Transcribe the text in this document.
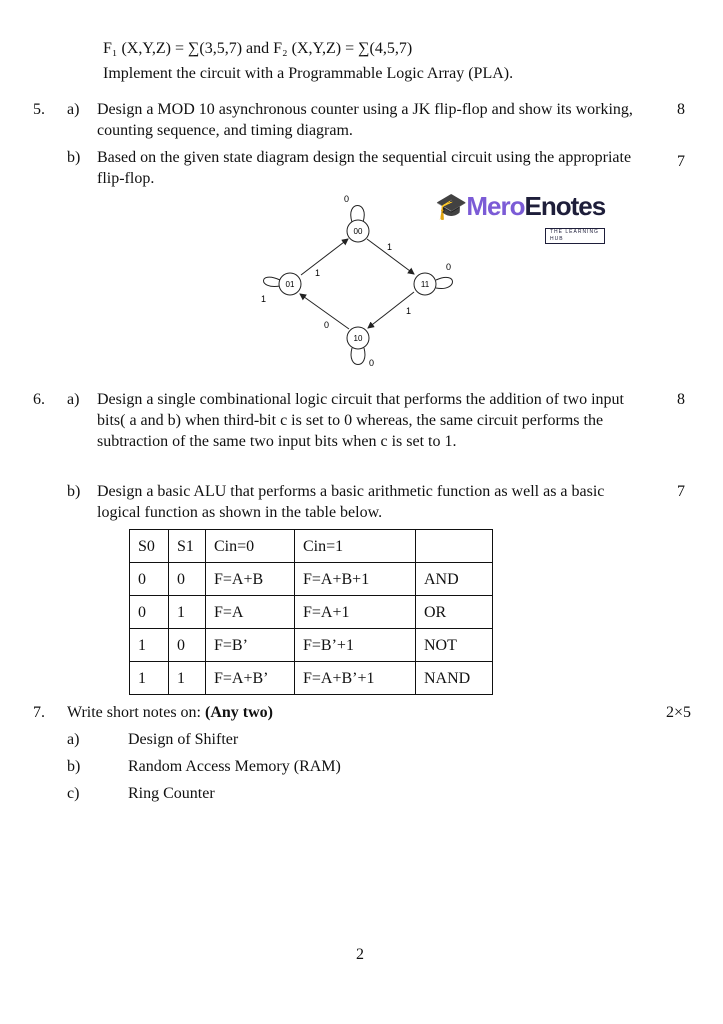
F₁ (X,Y,Z) = ∑(3,5,7) and F₂ (X,Y,Z) = ∑(4,5,7)
Implement the circuit with a Programmable Logic Array (PLA).
5.	a) Design a MOD 10 asynchronous counter using a JK flip-flop and show its working, counting sequence, and timing diagram.
8
b) Based on the given state diagram design the sequential circuit using the appropriate flip-flop.
7
00
01
10
11
0
1
1
1
0
0
1
0
🎓MeroEnotes
THE LEARNING HUB
6.	a) Design a single combinational logic circuit that performs the addition of two input bits( a and b) when third-bit c is set to 0 whereas, the same circuit performs the subtraction of the same two input bits when c is set to 1.
8
b) Design a basic ALU that performs a basic arithmetic function as well as a basic logical function as shown in the table below.
7
S0	S1	Cin=0	Cin=1	
0	0	F=A+B	F=A+B+1	AND
0	1	F=A	F=A+1	OR
1	0	F=B’	F=B’+1	NOT
1	1	F=A+B’	F=A+B’+1	NAND
7.	Write short notes on: (Any two)	2×5
a)	Design of Shifter
b)	Random Access Memory (RAM)
c)	Ring Counter
2
